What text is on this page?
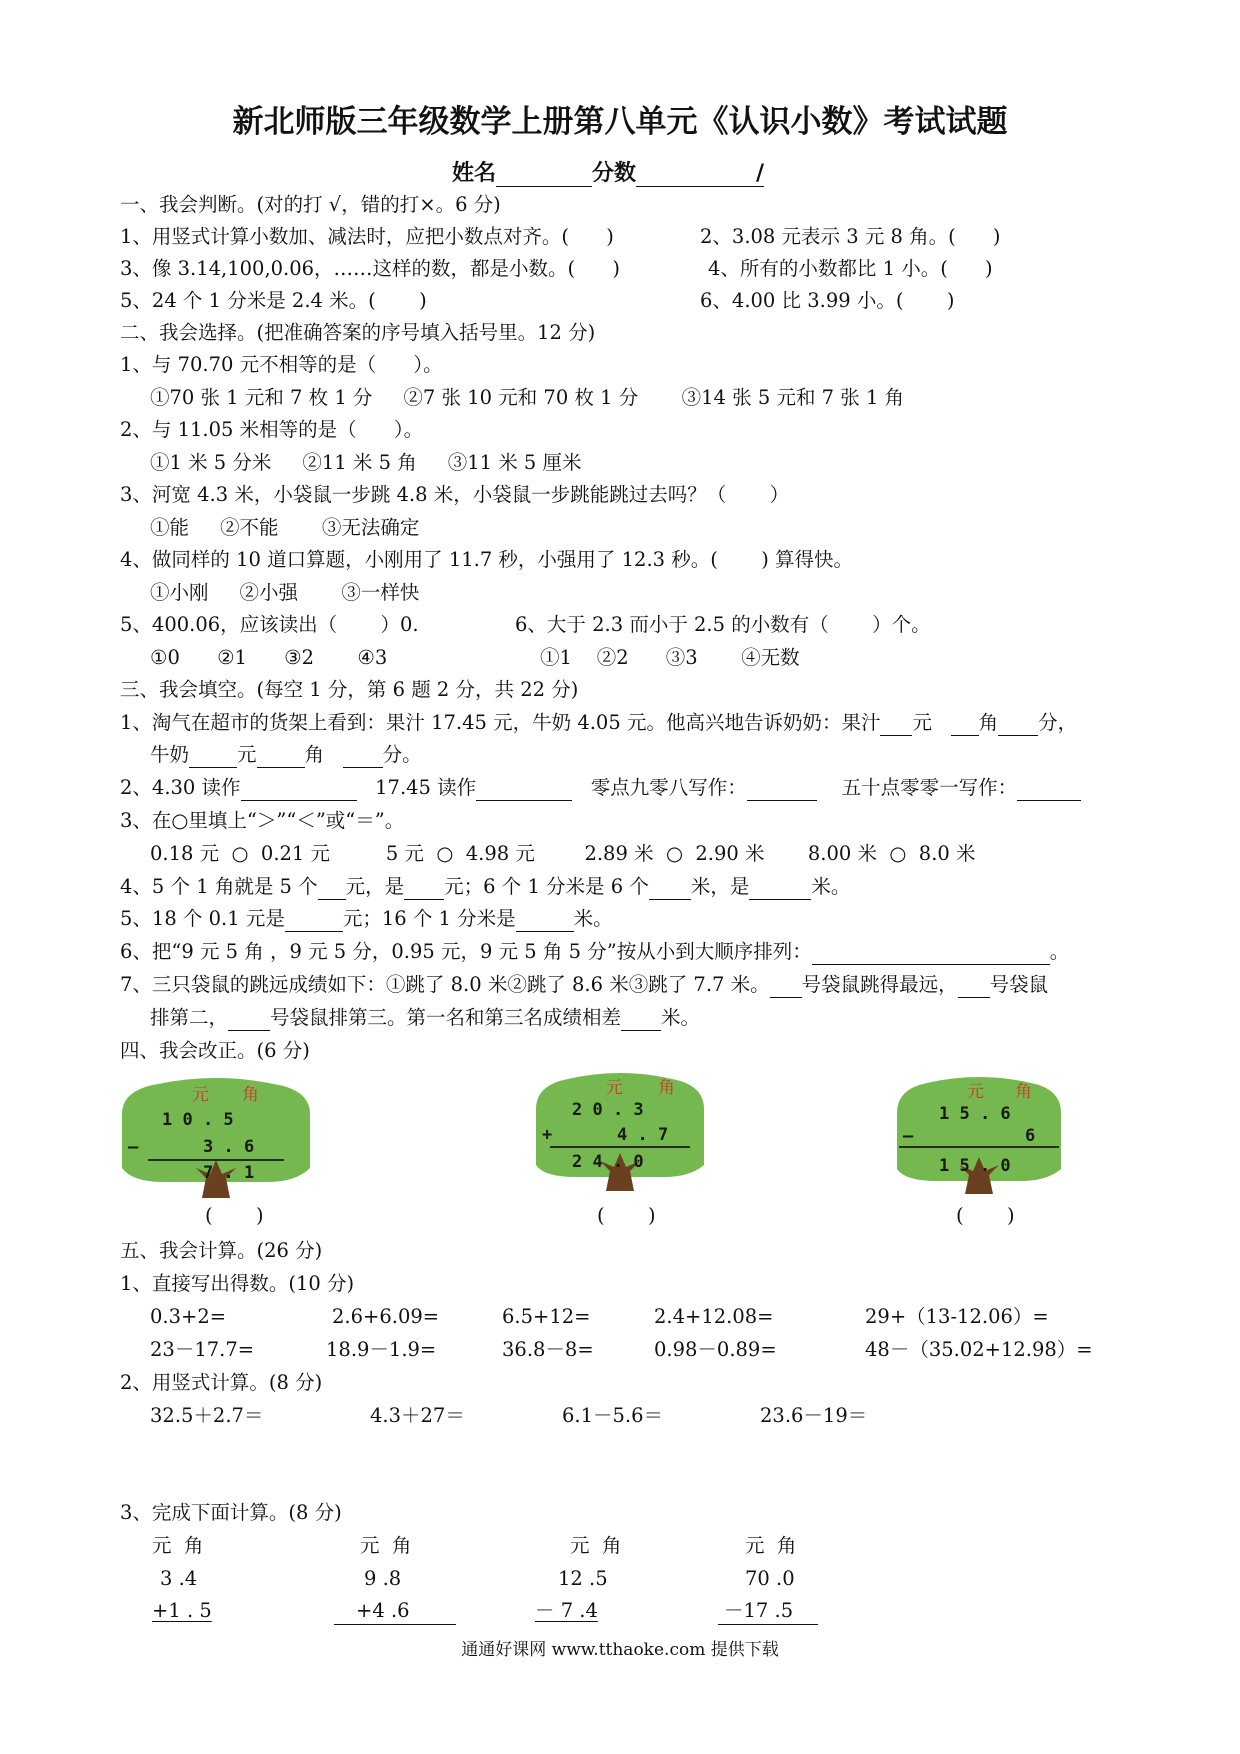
新北师版三年级数学上册第八单元《认识小数》考试试题
姓名	分数	/
一、我会判断。(对的打 √，错的打×。6 分)
1、用竖式计算小数加、减法时，应把小数点对齐。(      )	2、3.08 元表示 3 元 8 角。(      )
3、像 3.14,100,0.06，……这样的数，都是小数。(      )	4、所有的小数都比 1 小。(      )
5、24 个 1 分米是 2.4 米。(       )	6、4.00 比 3.99 小。(       )
二、我会选择。(把准确答案的序号填入括号里。12 分)
1、与 70.70 元不相等的是（      ）。
①70 张 1 元和 7 枚 1 分     ②7 张 10 元和 70 枚 1 分       ③14 张 5 元和 7 张 1 角
2、与 11.05 米相等的是（      ）。
①1 米 5 分米     ②11 米 5 角     ③11 米 5 厘米
3、河宽 4.3 米，小袋鼠一步跳 4.8 米，小袋鼠一步跳能跳过去吗？（       ）
①能     ②不能       ③无法确定
4、做同样的 10 道口算题，小刚用了 11.7 秒，小强用了 12.3 秒。(       ) 算得快。
①小刚     ②小强       ③一样快
5、400.06，应该读出（       ）0.	6、大于 2.3 而小于 2.5 的小数有（       ）个。
①0      ②1      ③2       ④3	①1    ②2      ③3       ④无数
三、我会填空。(每空 1 分，第 6 题 2 分，共 22 分)
1、淘气在超市的货架上看到：果汁 17.45 元，牛奶 4.05 元。他高兴地告诉奶奶：果汁 元 角 分，
牛奶 元 角	分。
2、4.30 读作	17.45 读作	零点九零八写作：	五十点零零一写作：
3、在○里填上“＞”“＜”或“＝”。
0.18 元  ○  0.21 元         5 元  ○  4.98 元        2.89 米  ○  2.90 米       8.00 米  ○  8.0 米
4、5 个 1 角就是 5 个 元，是 元；6 个 1 分米是 6 个 米，是	米。
5、18 个 0.1 元是	元；16 个 1 分米是	米。
6、把“9 元 5 角 ，9 元 5 分，0.95 元，9 元 5 角 5 分”按从小到大顺序排列：	。
7、三只袋鼠的跳远成绩如下：①跳了 8.0 米②跳了 8.6 米③跳了 7.7 米。 号袋鼠跳得最远， 号袋鼠
排第二， 号袋鼠排第三。第一名和第三名成绩相差 米。
四、我会改正。(6 分)
元 角
1 0 . 5
—	3 . 6
7 . 1
(       )
元 角
2 0 . 3
+	4 . 7
2 4 . 0
(       )
元 角
1 5 . 6
—	6
1 5 . 0
(       )
五、我会计算。(26 分)
1、直接写出得数。(10 分)
0.3+2=	2.6+6.09=	6.5+12=	2.4+12.08=	29+（13-12.06）=
23－17.7=	18.9－1.9=	36.8－8=	0.98－0.89=	48－（35.02+12.98）=
2、用竖式计算。(8 分)
32.5＋2.7＝	4.3＋27＝	6.1－5.6＝	23.6－19＝
3、完成下面计算。(8 分)
元  角
3 .4
+1 . 5
元  角
9 .8
+4 .6
元  角
12 .5
－ 7 .4
元  角
70 .0
－17 .5
通通好课网 www.tthaoke.com 提供下载
